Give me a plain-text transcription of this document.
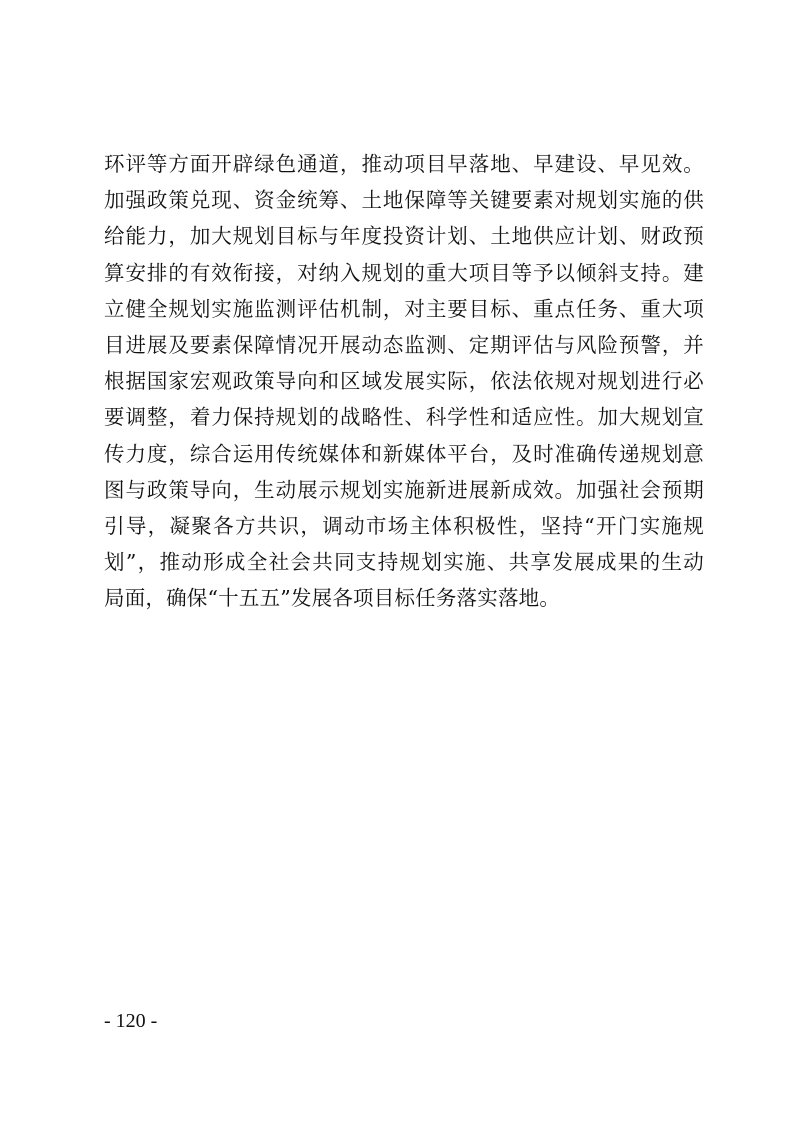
环评等方面开辟绿色通道，推动项目早落地、早建设、早见效。
加强政策兑现、资金统筹、土地保障等关键要素对规划实施的供
给能力，加大规划目标与年度投资计划、土地供应计划、财政预
算安排的有效衔接，对纳入规划的重大项目等予以倾斜支持。建
立健全规划实施监测评估机制，对主要目标、重点任务、重大项
目进展及要素保障情况开展动态监测、定期评估与风险预警，并
根据国家宏观政策导向和区域发展实际，依法依规对规划进行必
要调整，着力保持规划的战略性、科学性和适应性。加大规划宣
传力度，综合运用传统媒体和新媒体平台，及时准确传递规划意
图与政策导向，生动展示规划实施新进展新成效。加强社会预期
引导，凝聚各方共识，调动市场主体积极性，坚持“开门实施规
划”，推动形成全社会共同支持规划实施、共享发展成果的生动
局面，确保“十五五”发展各项目标任务落实落地。
- 120 -
